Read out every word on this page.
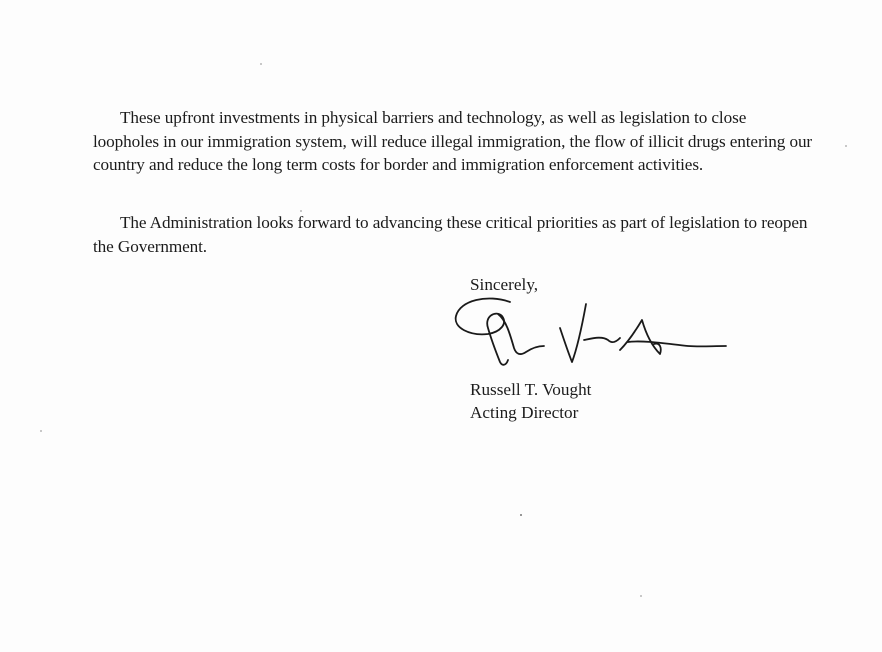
These upfront investments in physical barriers and technology, as well as legislation to close loopholes in our immigration system, will reduce illegal immigration, the flow of illicit drugs entering our country and reduce the long term costs for border and immigration enforcement activities.

The Administration looks forward to advancing these critical priorities as part of legislation to reopen the Government.

Sincerely,
Russell T. Vought
Acting Director
